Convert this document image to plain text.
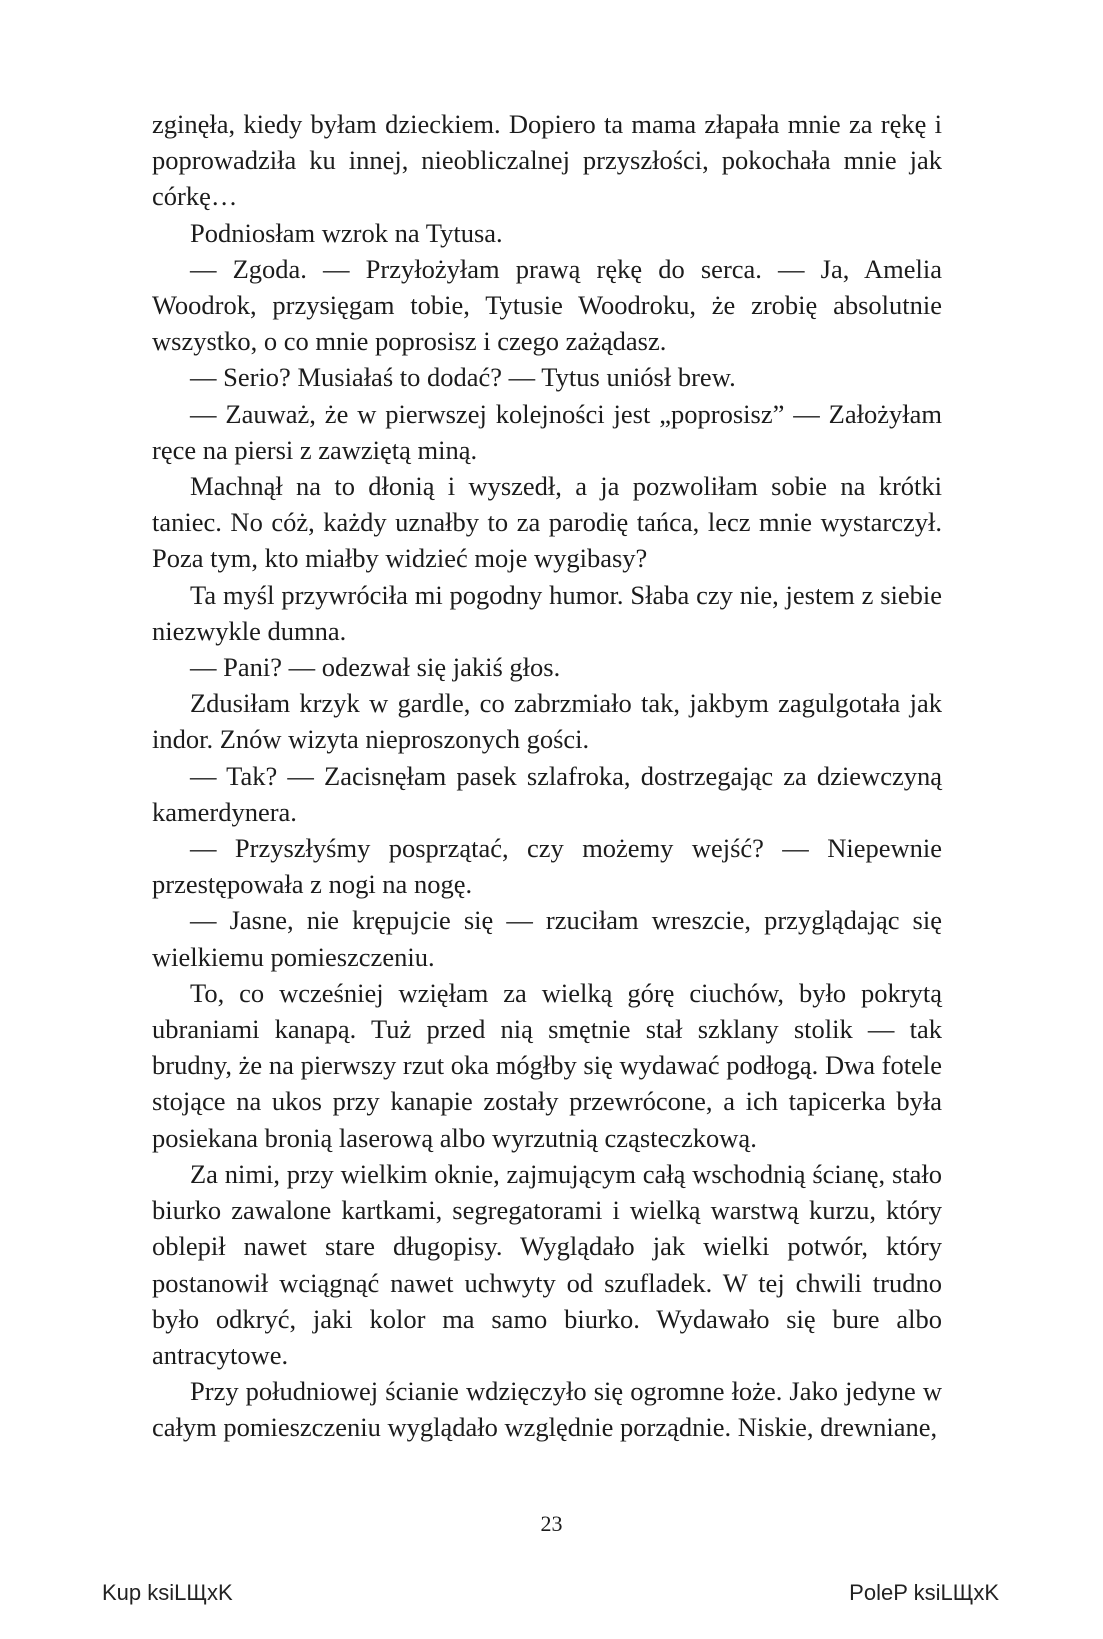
zginęła, kiedy byłam dzieckiem. Dopiero ta mama złapała mnie za rękę i poprowadziła ku innej, nieobliczalnej przyszłości, pokochała mnie jak córkę…

Podniosłam wzrok na Tytusa.

— Zgoda. — Przyłożyłam prawą rękę do serca. — Ja, Amelia Woodrok, przysięgam tobie, Tytusie Woodroku, że zrobię absolutnie wszystko, o co mnie poprosisz i czego zażądasz.

— Serio? Musiałaś to dodać? — Tytus uniósł brew.

— Zauważ, że w pierwszej kolejności jest „poprosisz” — Założyłam ręce na piersi z zawziętą miną.

Machnął na to dłonią i wyszedł, a ja pozwoliłam sobie na krótki taniec. No cóż, każdy uznałby to za parodię tańca, lecz mnie wystarczył. Poza tym, kto miałby widzieć moje wygibasy?

Ta myśl przywróciła mi pogodny humor. Słaba czy nie, jestem z siebie niezwykle dumna.

— Pani? — odezwał się jakiś głos.

Zdusiłam krzyk w gardle, co zabrzmiało tak, jakbym zagulgotała jak indor. Znów wizyta nieproszonych gości.

— Tak? — Zacisnęłam pasek szlafroka, dostrzegając za dziewczyną kamerdynera.

— Przyszłyśmy posprzątać, czy możemy wejść? — Niepewnie przestępowała z nogi na nogę.

— Jasne, nie krępujcie się — rzuciłam wreszcie, przyglądając się wielkiemu pomieszczeniu.

To, co wcześniej wzięłam za wielką górę ciuchów, było pokrytą ubraniami kanapą. Tuż przed nią smętnie stał szklany stolik — tak brudny, że na pierwszy rzut oka mógłby się wydawać podłogą. Dwa fotele stojące na ukos przy kanapie zostały przewrócone, a ich tapicerka była posiekana bronią laserową albo wyrzutnią cząsteczkową.

Za nimi, przy wielkim oknie, zajmującym całą wschodnią ścianę, stało biurko zawalone kartkami, segregatorami i wielką warstwą kurzu, który oblepił nawet stare długopisy. Wyglądało jak wielki potwór, który postanowił wciągnąć nawet uchwyty od szufladek. W tej chwili trudno było odkryć, jaki kolor ma samo biurko. Wydawało się bure albo antracytowe.

Przy południowej ścianie wdzięczyło się ogromne łoże. Jako jedyne w całym pomieszczeniu wyglądało względnie porządnie. Niskie, drewniane,

23
Kup ksiLЩxK	PoleP ksiLЩxK
